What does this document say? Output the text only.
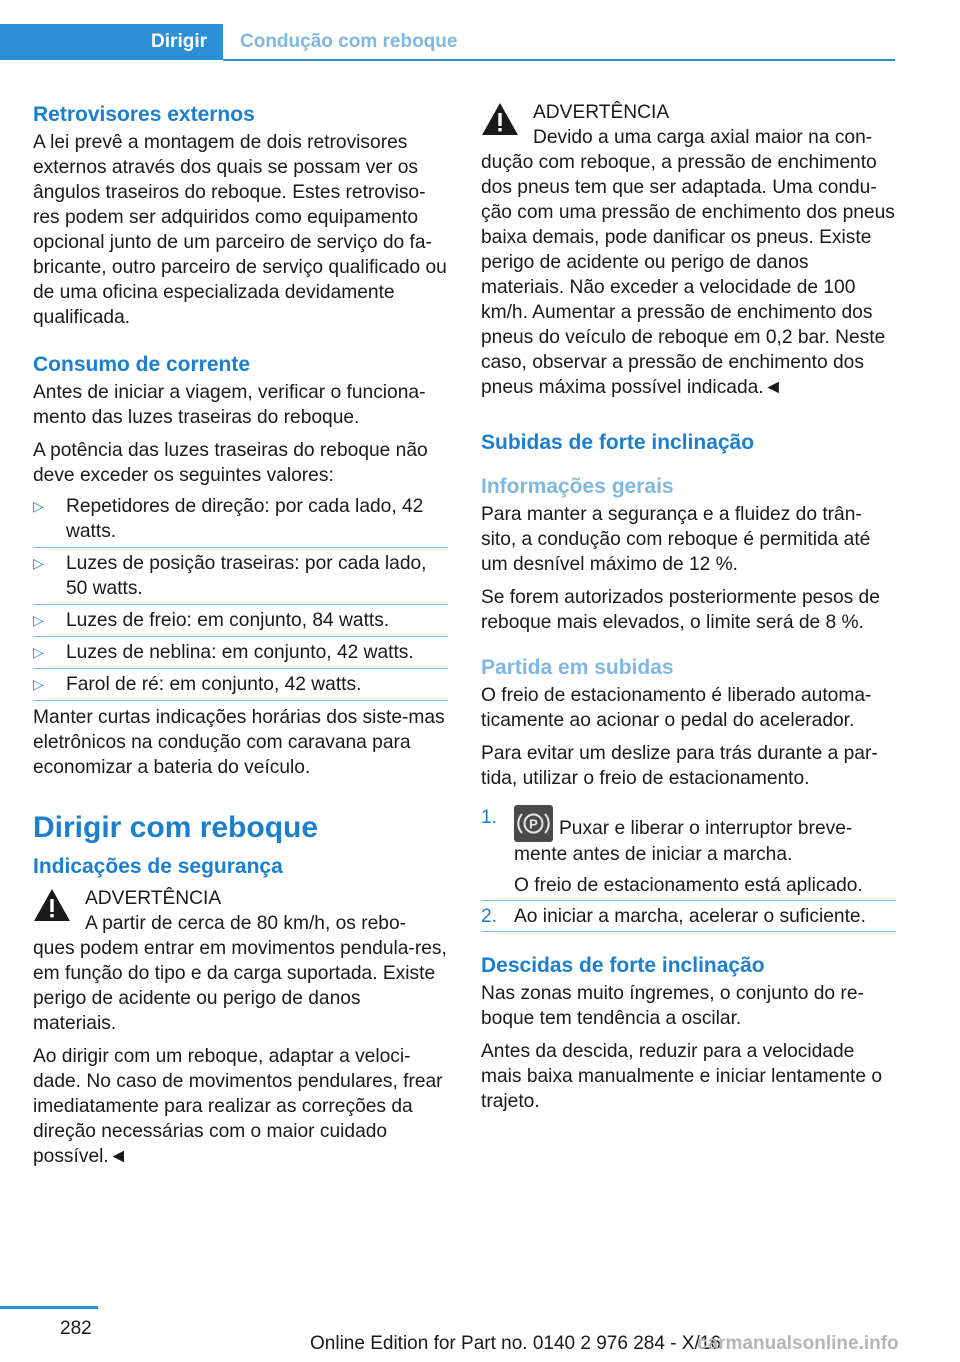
Dirigir	Condução com reboque
Retrovisores externos

A lei prevê a montagem de dois retrovisores externos através dos quais se possam ver os ângulos traseiros do reboque. Estes retroviso-res podem ser adquiridos como equipamento opcional junto de um parceiro de serviço do fa-bricante, outro parceiro de serviço qualificado ou de uma oficina especializada devidamente qualificada.

Consumo de corrente

Antes de iniciar a viagem, verificar o funciona-mento das luzes traseiras do reboque.

A potência das luzes traseiras do reboque não deve exceder os seguintes valores:

▷ Repetidores de direção: por cada lado, 42 watts.
▷ Luzes de posição traseiras: por cada lado, 50 watts.
▷ Luzes de freio: em conjunto, 84 watts.
▷ Luzes de neblina: em conjunto, 42 watts.
▷ Farol de ré: em conjunto, 42 watts.

Manter curtas indicações horárias dos siste-mas eletrônicos na condução com caravana para economizar a bateria do veículo.

Dirigir com reboque
Indicações de segurança

ADVERTÊNCIA

A partir de cerca de 80 km/h, os rebo-

ques podem entrar em movimentos pendula-res, em função do tipo e da carga suportada. Existe perigo de acidente ou perigo de danos materiais.

Ao dirigir com um reboque, adaptar a veloci-dade. No caso de movimentos pendulares, frear imediatamente para realizar as correções da direção necessárias com o maior cuidado possível.◄

ADVERTÊNCIA

Devido a uma carga axial maior na con-

dução com reboque, a pressão de enchimento dos pneus tem que ser adaptada. Uma condu-ção com uma pressão de enchimento dos pneus baixa demais, pode danificar os pneus. Existe perigo de acidente ou perigo de danos materiais. Não exceder a velocidade de 100 km/h. Aumentar a pressão de enchimento dos pneus do veículo de reboque em 0,2 bar. Neste caso, observar a pressão de enchimento dos pneus máxima possível indicada.◄

Subidas de forte inclinação
Informações gerais

Para manter a segurança e a fluidez do trân-sito, a condução com reboque é permitida até um desnível máximo de 12 %.

Se forem autorizados posteriormente pesos de reboque mais elevados, o limite será de 8 %.

Partida em subidas

O freio de estacionamento é liberado automa-ticamente ao acionar o pedal do acelerador.

Para evitar um deslize para trás durante a par-tida, utilizar o freio de estacionamento.

1. P Puxar e liberar o interruptor breve-mente antes de iniciar a marcha.

O freio de estacionamento está aplicado.

2. Ao iniciar a marcha, acelerar o suficiente.
Descidas de forte inclinação

Nas zonas muito íngremes, o conjunto do re-boque tem tendência a oscilar.

Antes da descida, reduzir para a velocidade mais baixa manualmente e iniciar lentamente o trajeto.

282
Online Edition for Part no. 0140 2 976 284 - X/16
carmanualsonline.info
